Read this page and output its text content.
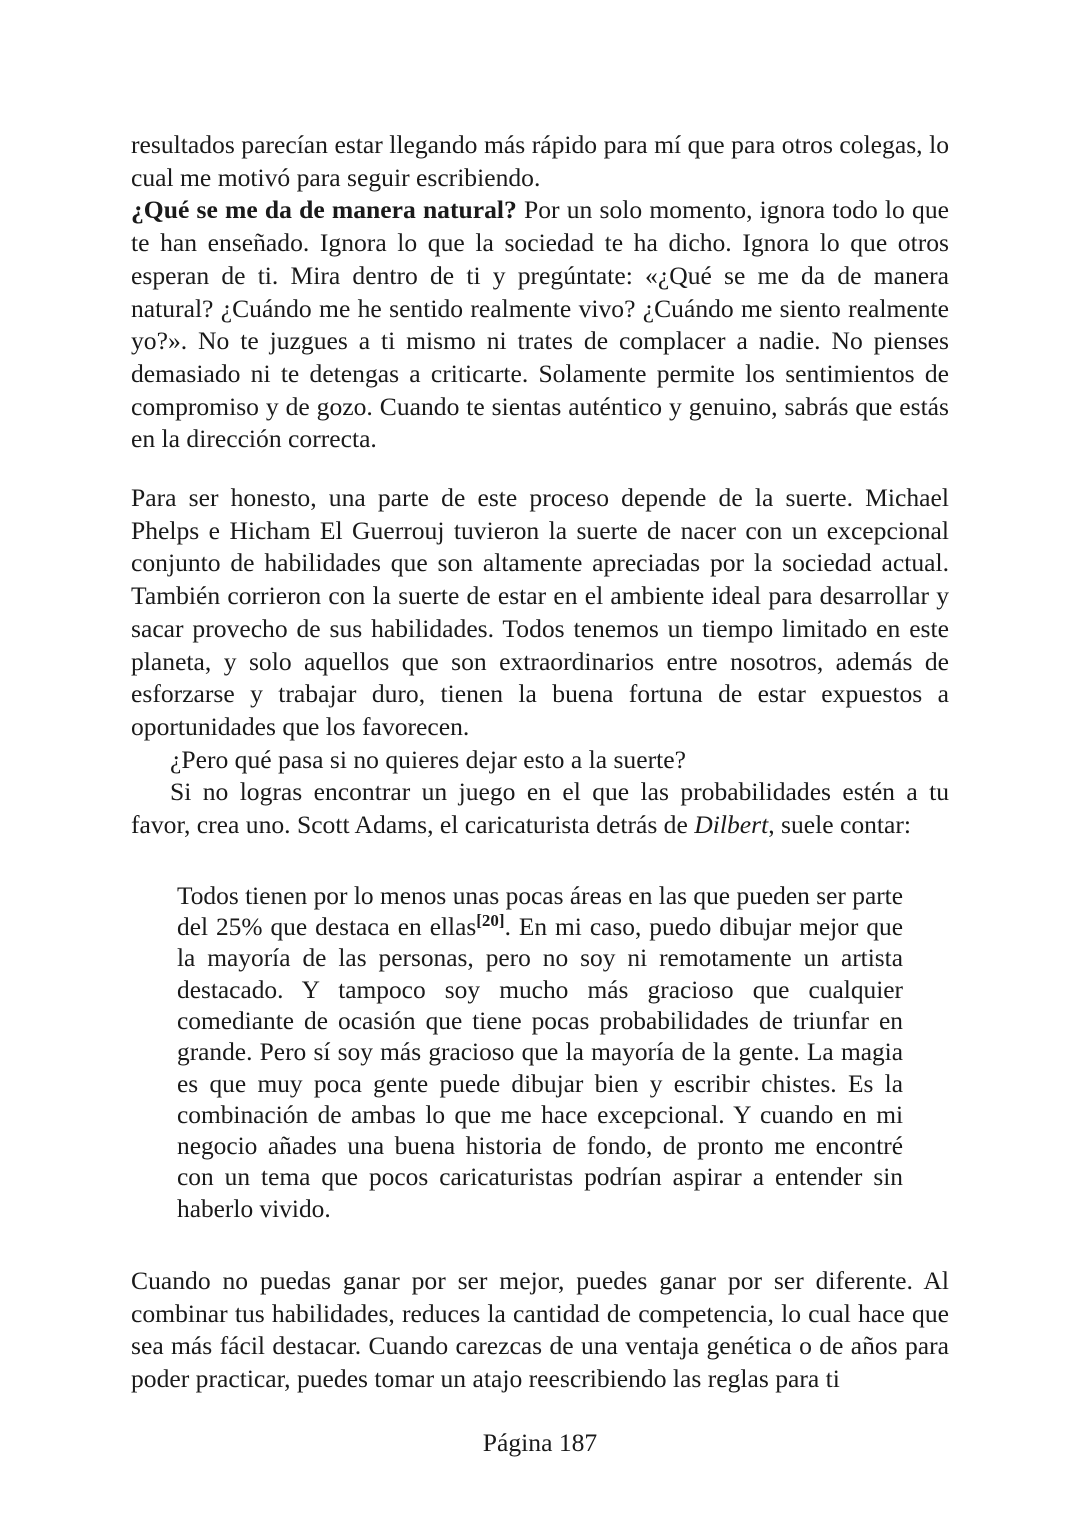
resultados parecían estar llegando más rápido para mí que para otros colegas, lo cual me motivó para seguir escribiendo.

¿Qué se me da de manera natural? Por un solo momento, ignora todo lo que te han enseñado. Ignora lo que la sociedad te ha dicho. Ignora lo que otros esperan de ti. Mira dentro de ti y pregúntate: «¿Qué se me da de manera natural? ¿Cuándo me he sentido realmente vivo? ¿Cuándo me siento realmente yo?». No te juzgues a ti mismo ni trates de complacer a nadie. No pienses demasiado ni te detengas a criticarte. Solamente permite los sentimientos de compromiso y de gozo. Cuando te sientas auténtico y genuino, sabrás que estás en la dirección correcta.

Para ser honesto, una parte de este proceso depende de la suerte. Michael Phelps e Hicham El Guerrouj tuvieron la suerte de nacer con un excepcional conjunto de habilidades que son altamente apreciadas por la sociedad actual. También corrieron con la suerte de estar en el ambiente ideal para desarrollar y sacar provecho de sus habilidades. Todos tenemos un tiempo limitado en este planeta, y solo aquellos que son extraordinarios entre nosotros, además de esforzarse y trabajar duro, tienen la buena fortuna de estar expuestos a oportunidades que los favorecen.

¿Pero qué pasa si no quieres dejar esto a la suerte?

Si no logras encontrar un juego en el que las probabilidades estén a tu favor, crea uno. Scott Adams, el caricaturista detrás de Dilbert, suele contar:

Todos tienen por lo menos unas pocas áreas en las que pueden ser parte del 25% que destaca en ellas[20]. En mi caso, puedo dibujar mejor que la mayoría de las personas, pero no soy ni remotamente un artista destacado. Y tampoco soy mucho más gracioso que cualquier comediante de ocasión que tiene pocas probabilidades de triunfar en grande. Pero sí soy más gracioso que la mayoría de la gente. La magia es que muy poca gente puede dibujar bien y escribir chistes. Es la combinación de ambas lo que me hace excepcional. Y cuando en mi negocio añades una buena historia de fondo, de pronto me encontré con un tema que pocos caricaturistas podrían aspirar a entender sin haberlo vivido.

Cuando no puedas ganar por ser mejor, puedes ganar por ser diferente. Al combinar tus habilidades, reduces la cantidad de competencia, lo cual hace que sea más fácil destacar. Cuando carezcas de una ventaja genética o de años para poder practicar, puedes tomar un atajo reescribiendo las reglas para ti

Página 187
